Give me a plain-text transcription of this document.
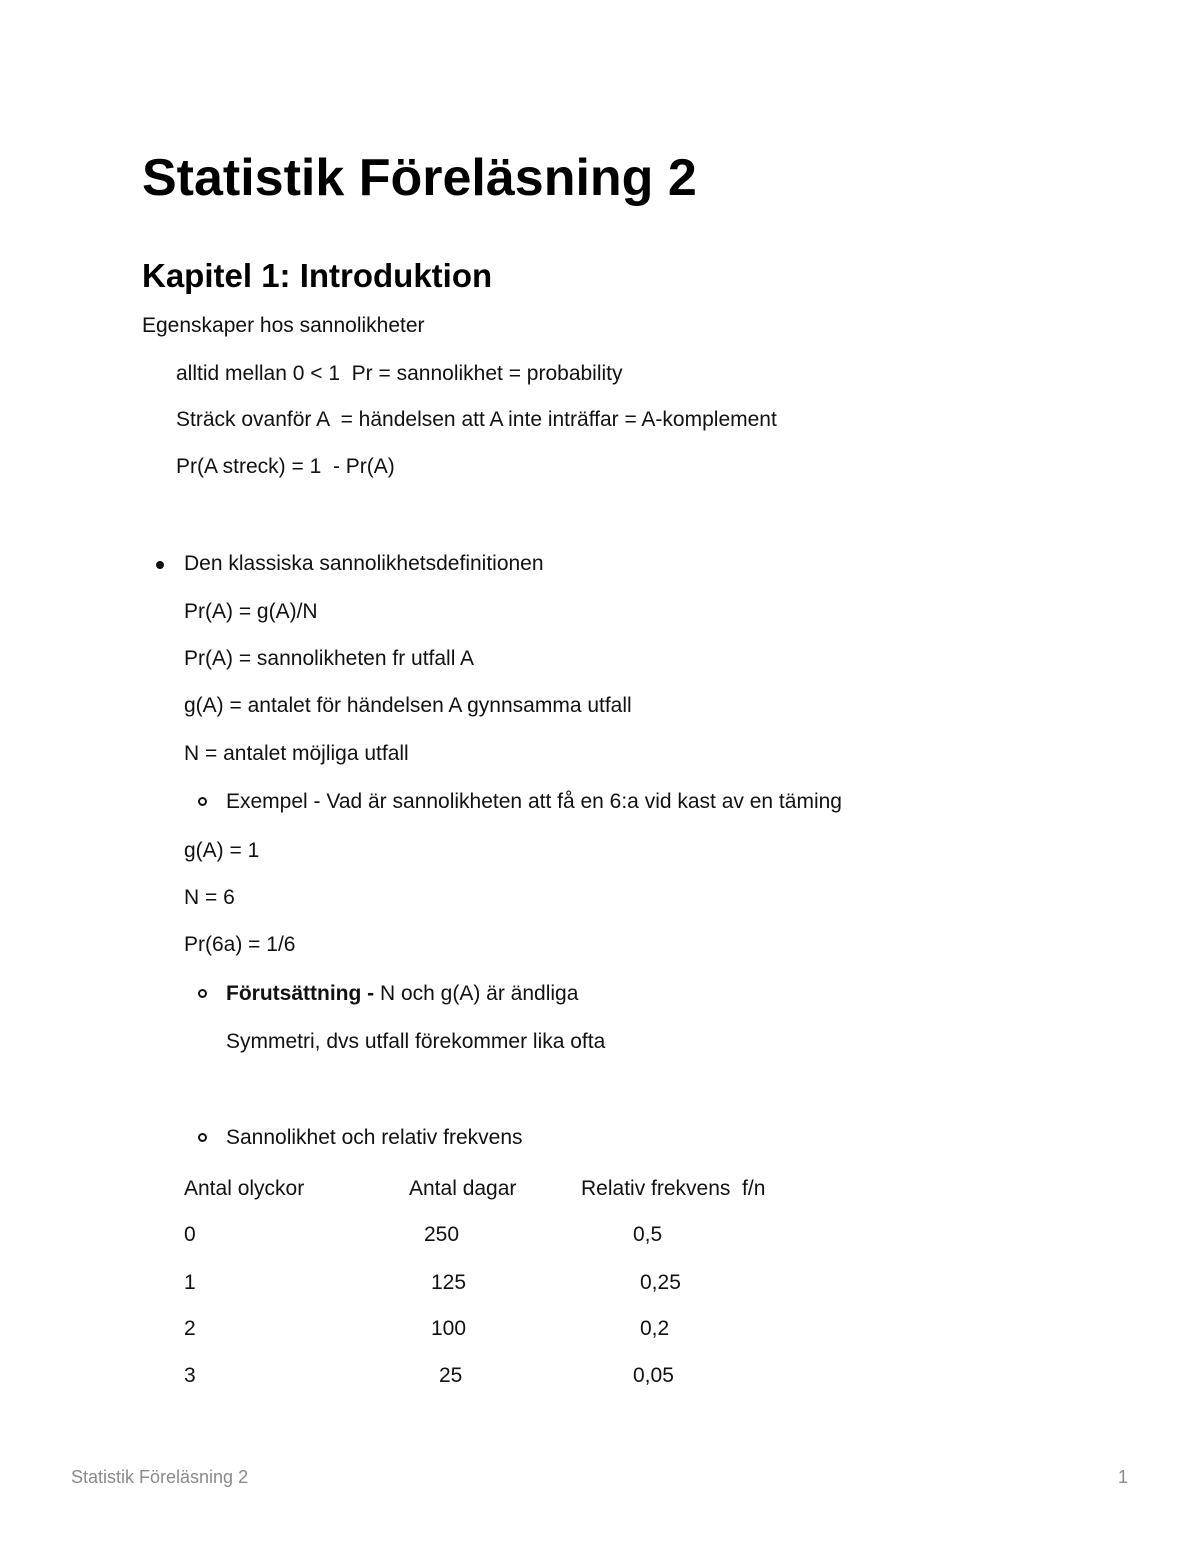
Statistik Föreläsning 2
Kapitel 1: Introduktion
Egenskaper hos sannolikheter
alltid mellan 0 < 1  Pr = sannolikhet = probability
Sträck ovanför A  = händelsen att A inte inträffar = A-komplement
Pr(A streck) = 1  - Pr(A)
Den klassiska sannolikhetsdefinitionen
Pr(A) = g(A)/N
Pr(A) = sannolikheten fr utfall A
g(A) = antalet för händelsen A gynnsamma utfall
N = antalet möjliga utfall
Exempel - Vad är sannolikheten att få en 6:a vid kast av en täming
g(A) = 1
N = 6
Pr(6a) = 1/6
Förutsättning - N och g(A) är ändliga
Symmetri, dvs utfall förekommer lika ofta
Sannolikhet och relativ frekvens
Antal olyckor	Antal dagar	Relativ frekvens  f/n
0	250	0,5
1	125	0,25
2	100	0,2
3	25	0,05
Statistik Föreläsning 2	1
